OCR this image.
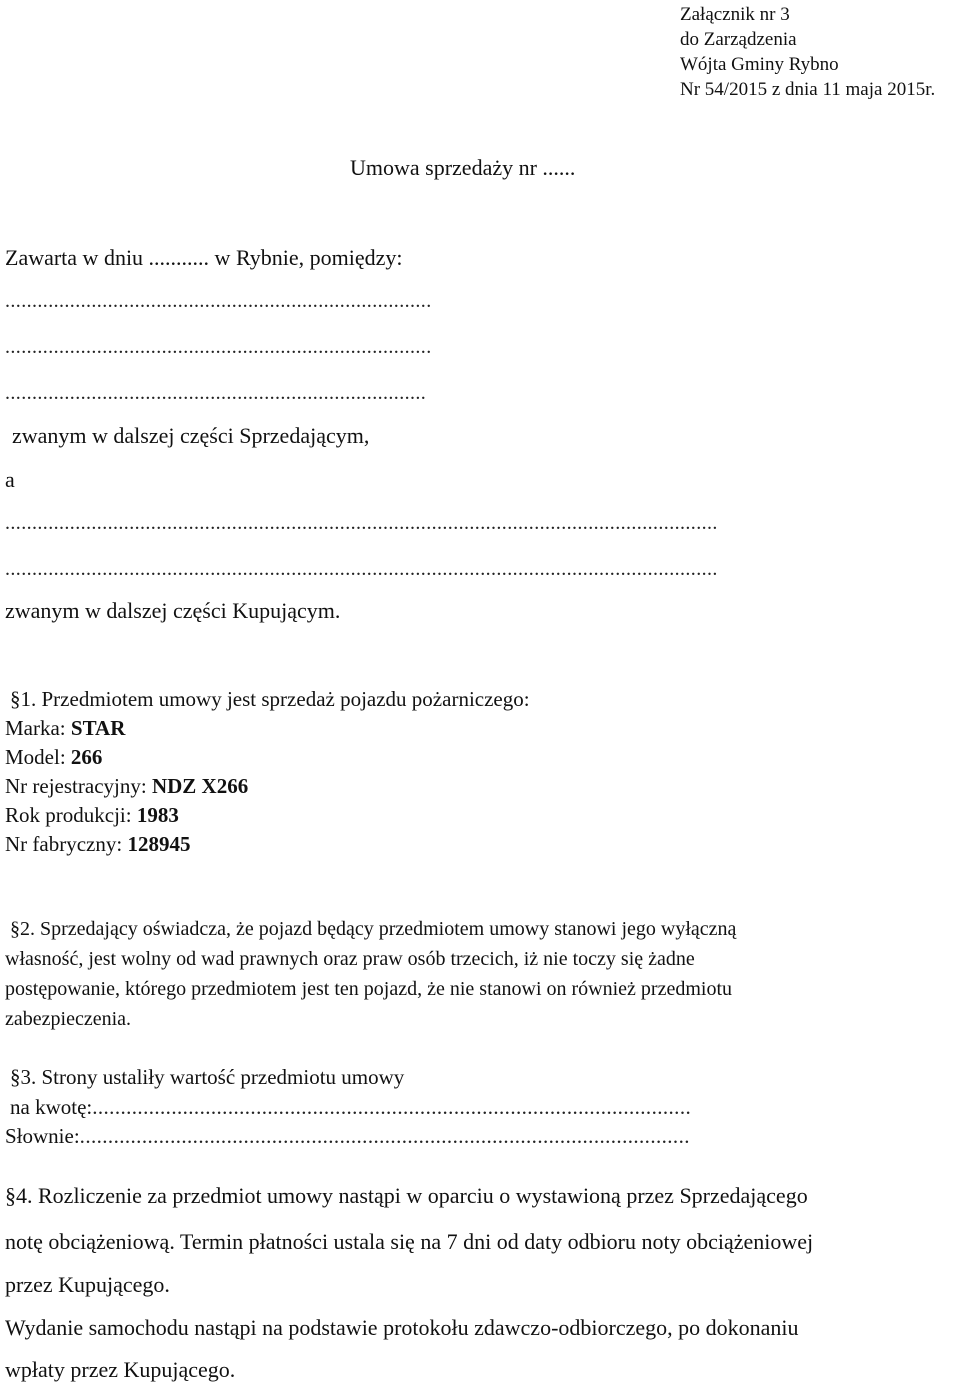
Załącznik nr 3
do Zarządzenia
Wójta Gminy Rybno
Nr 54/2015 z dnia 11 maja 2015r.
Umowa sprzedaży nr ......
Zawarta w dniu ........... w Rybnie, pomiędzy:
...............................................................................
...............................................................................
..............................................................................
zwanym w dalszej części Sprzedającym,
a
....................................................................................................................................
....................................................................................................................................
zwanym w dalszej części Kupującym.
§1. Przedmiotem umowy jest sprzedaż pojazdu pożarniczego:
Marka: STAR
Model: 266
Nr rejestracyjny: NDZ X266
Rok produkcji: 1983
Nr fabryczny: 128945
§2. Sprzedający oświadcza, że pojazd będący przedmiotem umowy stanowi jego wyłączną
własność, jest wolny od wad prawnych oraz praw osób trzecich, iż nie toczy się żadne
postępowanie, którego przedmiotem jest ten pojazd, że nie stanowi on również przedmiotu
zabezpieczenia.
§3. Strony ustaliły wartość przedmiotu umowy
na kwotę:..........................................................................................................
Słownie:............................................................................................................
§4. Rozliczenie za przedmiot umowy nastąpi w oparciu o wystawioną przez Sprzedającego
notę obciążeniową. Termin płatności ustala się na 7 dni od daty odbioru noty obciążeniowej
przez Kupującego.
Wydanie samochodu nastąpi na podstawie protokołu zdawczo-odbiorczego, po dokonaniu
wpłaty przez Kupującego.
